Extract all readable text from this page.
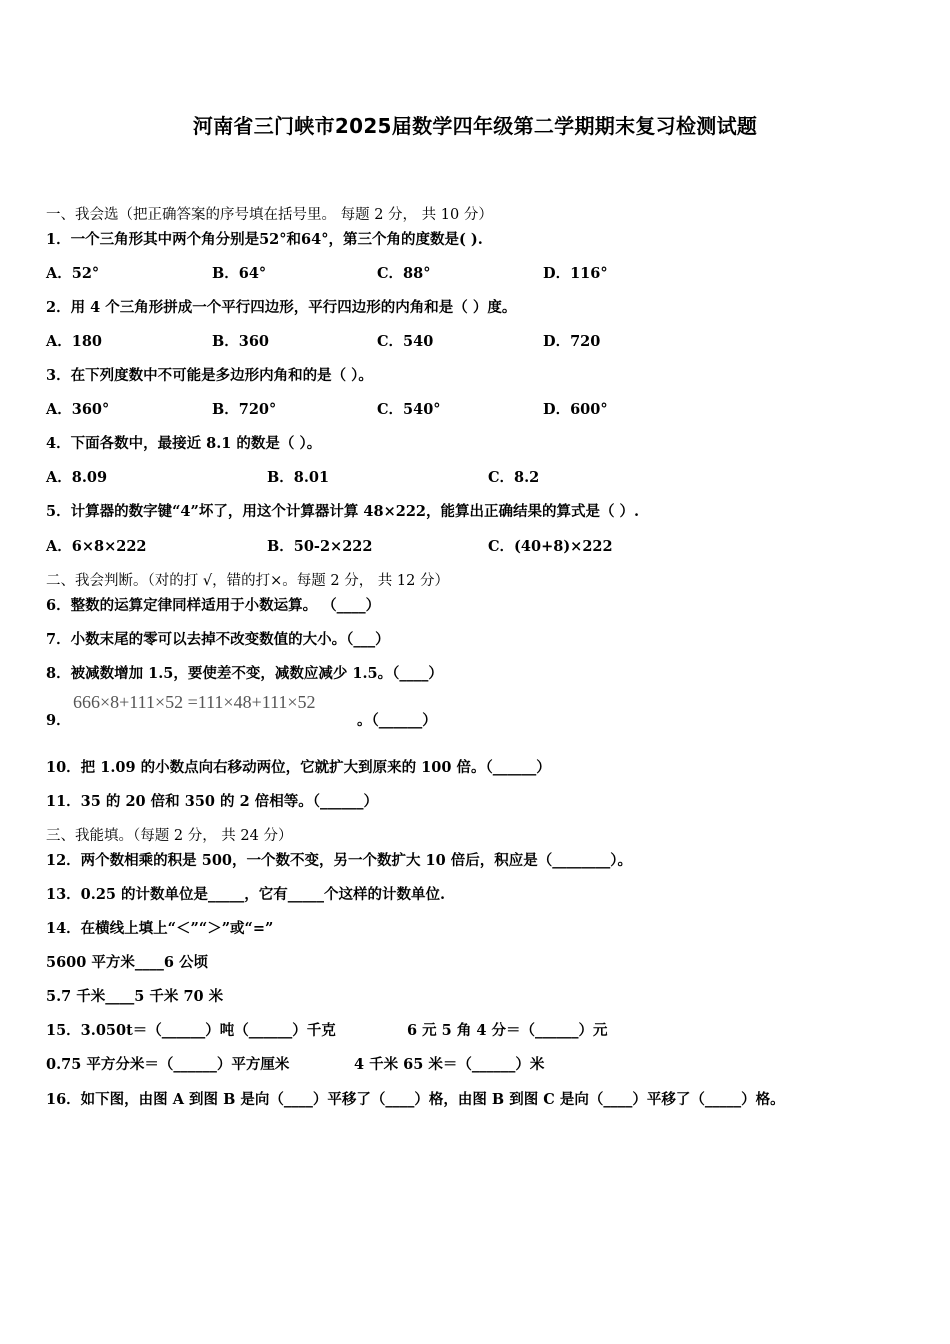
河南省三门峡市2025届数学四年级第二学期期末复习检测试题
一、我会选（把正确答案的序号填在括号里。 每题 2 分， 共 10 分）
1．一个三角形其中两个角分别是52°和64°，第三个角的度数是( ).
A．52°	B．64°	C．88°	D．116°
2．用 4 个三角形拼成一个平行四边形，平行四边形的内角和是（ ）度。
A．180	B．360	C．540	D．720
3．在下列度数中不可能是多边形内角和的是（ ）。
A．360°	B．720°	C．540°	D．600°
4．下面各数中，最接近 8.1 的数是（ ）。
A．8.09	B．8.01	C．8.2
5．计算器的数字键“4”坏了，用这个计算器计算 48×222，能算出正确结果的算式是（ ）.
A．6×8×222	B．50-2×222	C．(40+8)×222
二、我会判断。（对的打 √，错的打×。每题 2 分， 共 12 分）
6．整数的运算定律同样适用于小数运算。 （____）
7．小数末尾的零可以去掉不改变数值的大小。（___）
8．被减数增加 1.5，要使差不变，减数应减少 1.5。（____）
9．
666×8+111×52 =111×48+111×52
。（______）
10．把 1.09 的小数点向右移动两位，它就扩大到原来的 100 倍。（______）
11．35 的 20 倍和 350 的 2 倍相等。（______）
三、我能填。（每题 2 分， 共 24 分）
12．两个数相乘的积是 500，一个数不变，另一个数扩大 10 倍后，积应是（________）。
13．0.25 的计数单位是_____，它有_____个这样的计数单位.
14．在横线上填上“＜”“＞”或“=”
5600 平方米____6 公顷
5.7 千米____5 千米 70 米
15．3.050t＝（______）吨（______）千克	6 元 5 角 4 分＝（______）元
0.75 平方分米＝（______）平方厘米	4 千米 65 米＝（______）米
16．如下图，由图 A 到图 B 是向（____）平移了（____）格，由图 B 到图 C 是向（____）平移了（_____）格。
